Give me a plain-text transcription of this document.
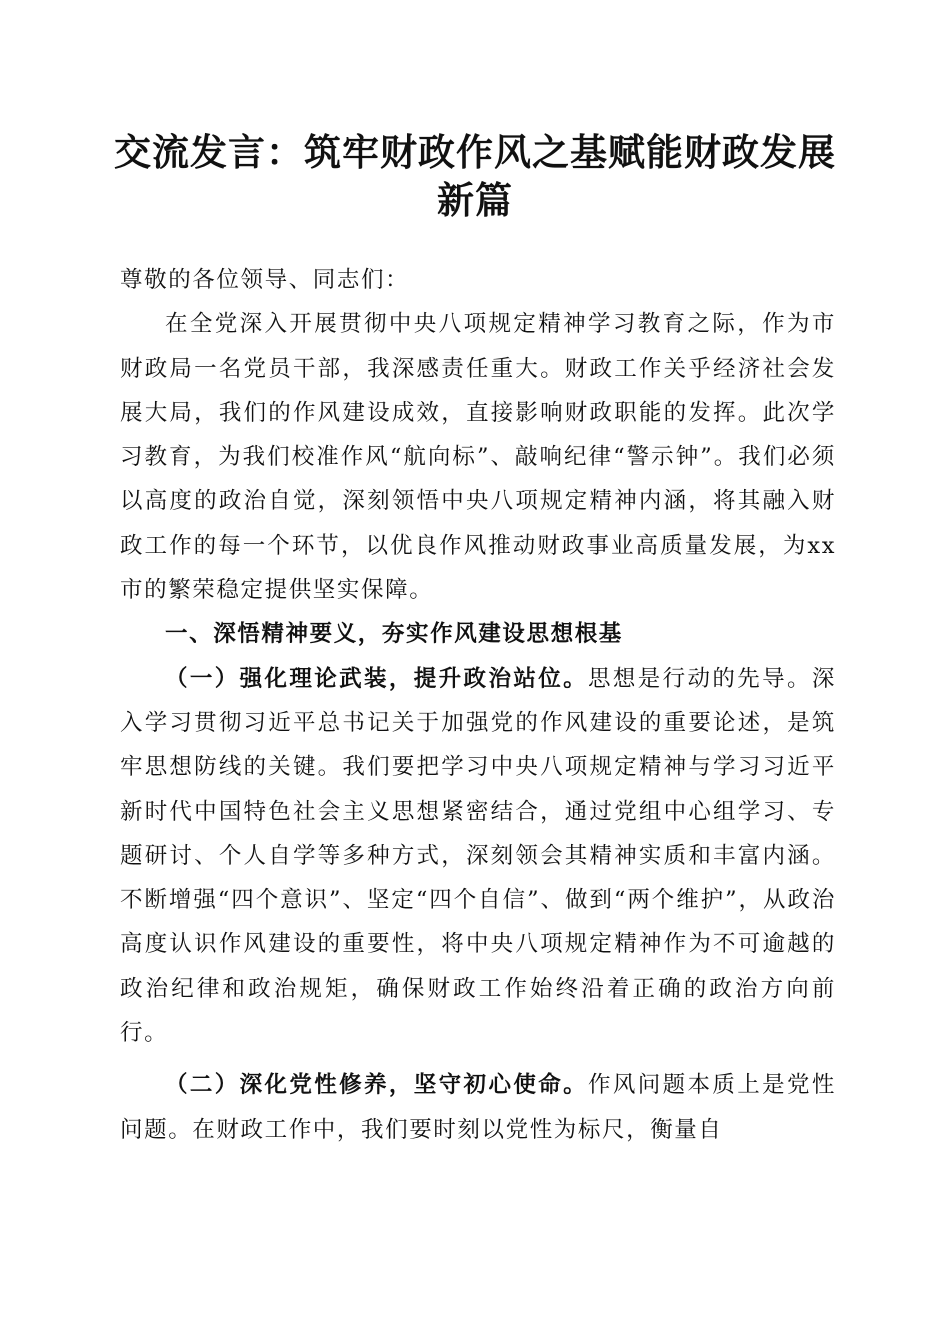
交流发言：筑牢财政作风之基赋能财政发展新篇

尊敬的各位领导、同志们：

在全党深入开展贯彻中央八项规定精神学习教育之际，作为市财政局一名党员干部，我深感责任重大。财政工作关乎经济社会发展大局，我们的作风建设成效，直接影响财政职能的发挥。此次学习教育，为我们校准作风“航向标”、敲响纪律“警示钟”。我们必须以高度的政治自觉，深刻领悟中央八项规定精神内涵，将其融入财政工作的每一个环节，以优良作风推动财政事业高质量发展，为xx市的繁荣稳定提供坚实保障。

一、深悟精神要义，夯实作风建设思想根基

（一）强化理论武装，提升政治站位。思想是行动的先导。深入学习贯彻习近平总书记关于加强党的作风建设的重要论述，是筑牢思想防线的关键。我们要把学习中央八项规定精神与学习习近平新时代中国特色社会主义思想紧密结合，通过党组中心组学习、专题研讨、个人自学等多种方式，深刻领会其精神实质和丰富内涵。不断增强“四个意识”、坚定“四个自信”、做到“两个维护”，从政治高度认识作风建设的重要性，将中央八项规定精神作为不可逾越的政治纪律和政治规矩，确保财政工作始终沿着正确的政治方向前行。

（二）深化党性修养，坚守初心使命。作风问题本质上是党性问题。在财政工作中，我们要时刻以党性为标尺，衡量自
